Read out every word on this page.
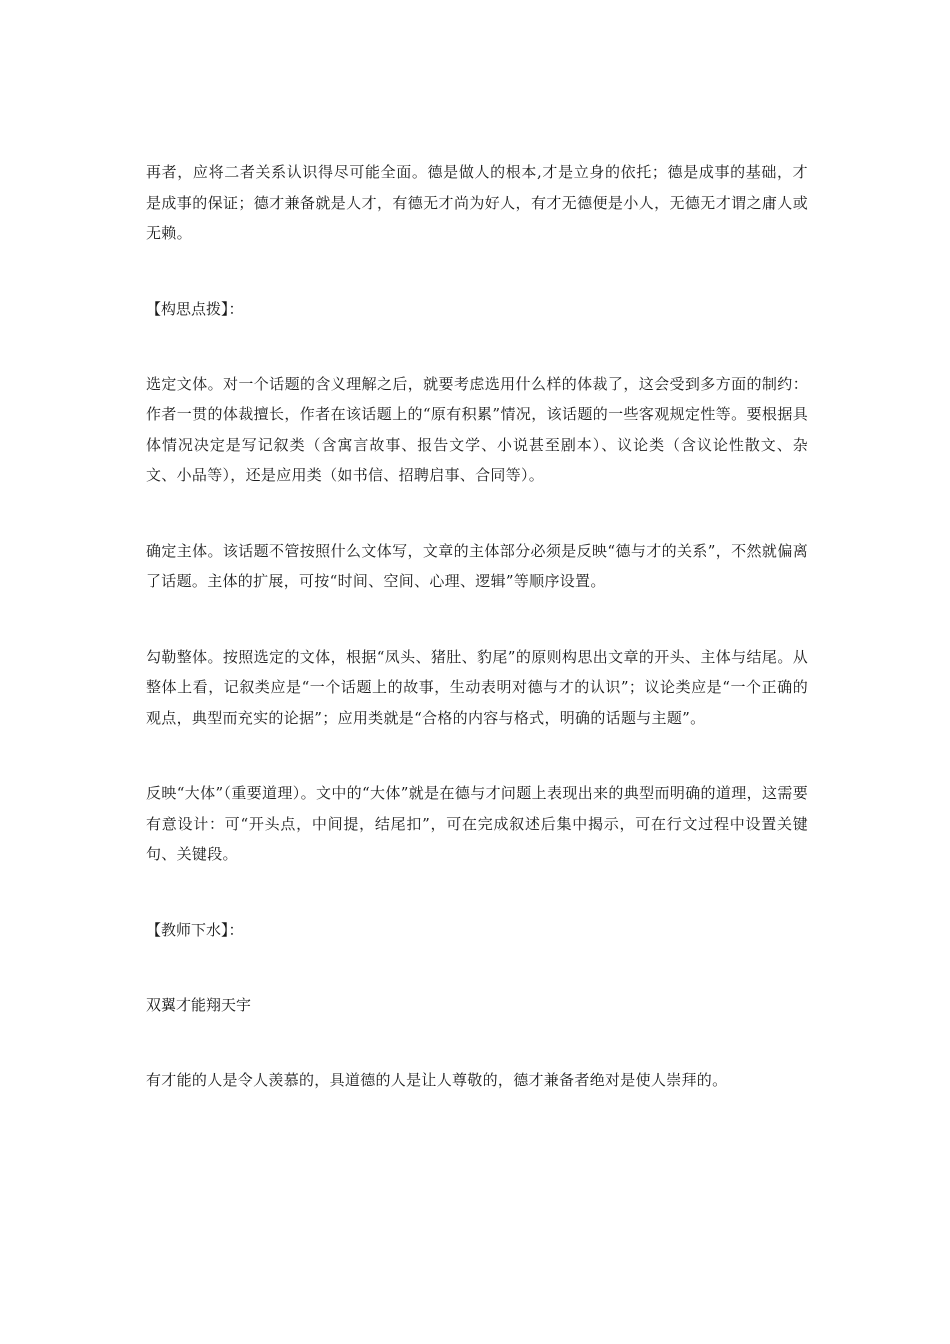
再者，应将二者关系认识得尽可能全面。德是做人的根本,才是立身的依托；德是成事的基础，才是成事的保证；德才兼备就是人才，有德无才尚为好人，有才无德便是小人，无德无才谓之庸人或无赖。

【构思点拨】：

选定文体。对一个话题的含义理解之后，就要考虑选用什么样的体裁了，这会受到多方面的制约：作者一贯的体裁擅长，作者在该话题上的“原有积累”情况，该话题的一些客观规定性等。要根据具体情况决定是写记叙类（含寓言故事、报告文学、小说甚至剧本）、议论类（含议论性散文、杂文、小品等），还是应用类（如书信、招聘启事、合同等）。

确定主体。该话题不管按照什么文体写，文章的主体部分必须是反映“德与才的关系”，不然就偏离了话题。主体的扩展，可按“时间、空间、心理、逻辑”等顺序设置。

勾勒整体。按照选定的文体，根据“凤头、猪肚、豹尾”的原则构思出文章的开头、主体与结尾。从整体上看，记叙类应是“一个话题上的故事，生动表明对德与才的认识”；议论类应是“一个正确的观点，典型而充实的论据”；应用类就是“合格的内容与格式，明确的话题与主题”。

反映“大体”（重要道理）。文中的“大体”就是在德与才问题上表现出来的典型而明确的道理，这需要有意设计：可“开头点，中间提，结尾扣”，可在完成叙述后集中揭示，可在行文过程中设置关键句、关键段。

【教师下水】：

双翼才能翔天宇

有才能的人是令人羡慕的，具道德的人是让人尊敬的，德才兼备者绝对是使人崇拜的。
